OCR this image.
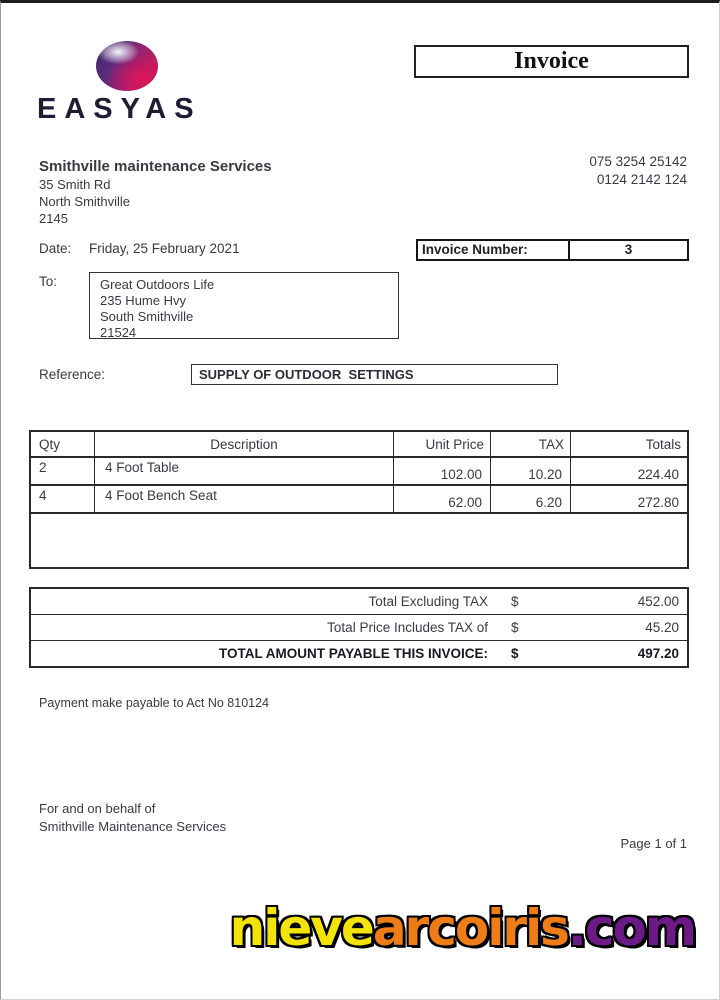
EASYAS
Invoice
Smithville maintenance Services
35 Smith Rd
North Smithville
2145
075 3254 25142
0124 2142 124
Date: Friday, 25 February 2021	Invoice Number:	3
To:	Great Outdoors Life
235 Hume Hvy
South Smithville
21524
Reference:	SUPPLY OF OUTDOOR  SETTINGS
Qty	Description	Unit Price	TAX	Totals
2	4 Foot Table	102.00	10.20	224.40
4	4 Foot Bench Seat	62.00	6.20	272.80
Total Excluding TAX	$	452.00
Total Price Includes TAX of	$	45.20
TOTAL AMOUNT PAYABLE THIS INVOICE:	$	497.20
Payment make payable to Act No 810124
For and on behalf of
Smithville Maintenance Services
Page 1 of 1
nievearcoiris.com
